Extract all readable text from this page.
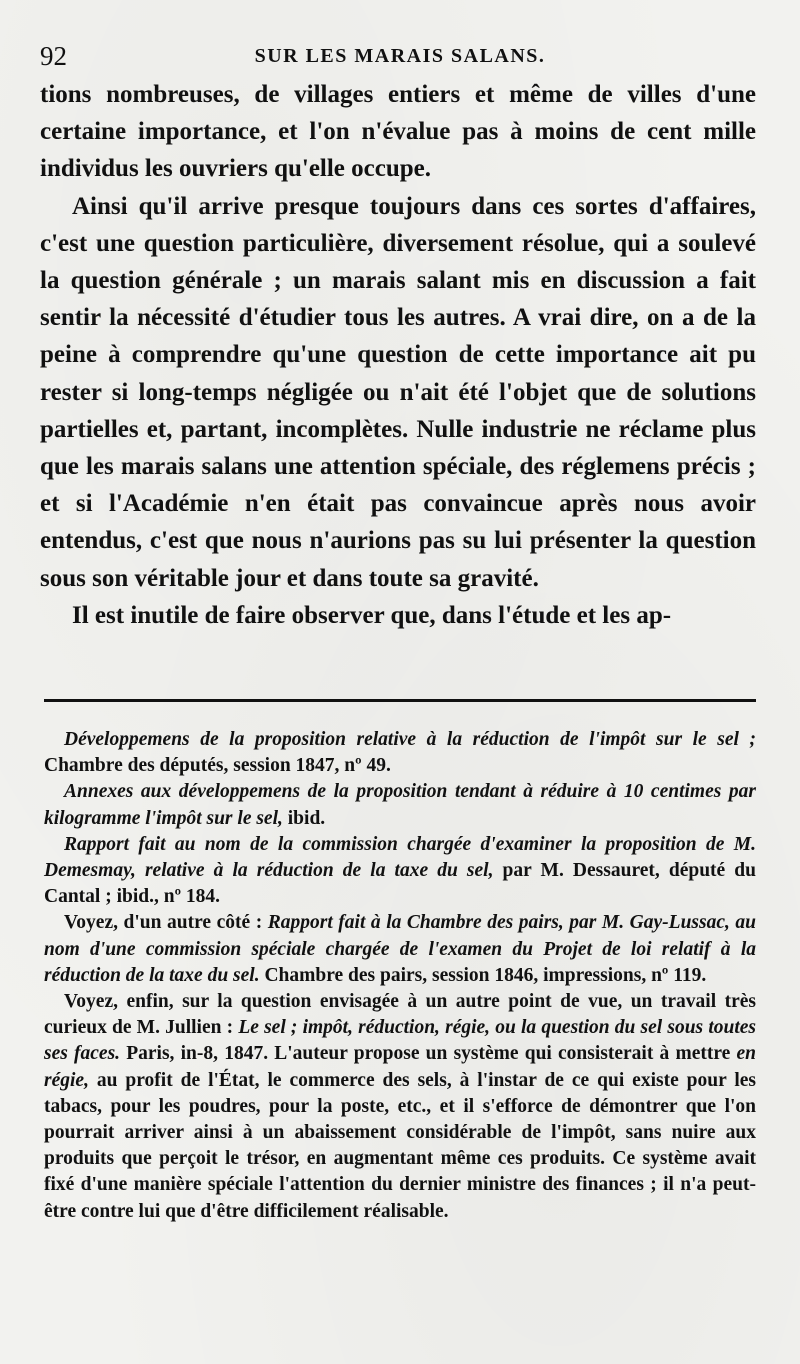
92	SUR LES MARAIS SALANS.

tions nombreuses, de villages entiers et même de villes d'une certaine importance, et l'on n'évalue pas à moins de cent mille individus les ouvriers qu'elle occupe.

Ainsi qu'il arrive presque toujours dans ces sortes d'affaires, c'est une question particulière, diversement résolue, qui a soulevé la question générale ; un marais salant mis en discussion a fait sentir la nécessité d'étudier tous les autres. A vrai dire, on a de la peine à comprendre qu'une question de cette importance ait pu rester si long-temps négligée ou n'ait été l'objet que de solutions partielles et, partant, incomplètes. Nulle industrie ne réclame plus que les marais salans une attention spéciale, des réglemens précis ; et si l'Académie n'en était pas convaincue après nous avoir entendus, c'est que nous n'aurions pas su lui présenter la question sous son véritable jour et dans toute sa gravité.

Il est inutile de faire observer que, dans l'étude et les ap-

Développemens de la proposition relative à la réduction de l'impôt sur le sel ; Chambre des députés, session 1847, nº 49.

Annexes aux développemens de la proposition tendant à réduire à 10 centimes par kilogramme l'impôt sur le sel, ibid.

Rapport fait au nom de la commission chargée d'examiner la proposition de M. Demesmay, relative à la réduction de la taxe du sel, par M. Dessauret, député du Cantal ; ibid., nº 184.

Voyez, d'un autre côté : Rapport fait à la Chambre des pairs, par M. Gay-Lussac, au nom d'une commission spéciale chargée de l'examen du Projet de loi relatif à la réduction de la taxe du sel. Chambre des pairs, session 1846, impressions, nº 119.

Voyez, enfin, sur la question envisagée à un autre point de vue, un travail très curieux de M. Jullien : Le sel ; impôt, réduction, régie, ou la question du sel sous toutes ses faces. Paris, in-8, 1847. L'auteur propose un système qui consisterait à mettre en régie, au profit de l'État, le commerce des sels, à l'instar de ce qui existe pour les tabacs, pour les poudres, pour la poste, etc., et il s'efforce de démontrer que l'on pourrait arriver ainsi à un abaissement considérable de l'impôt, sans nuire aux produits que perçoit le trésor, en augmentant même ces produits. Ce système avait fixé d'une manière spéciale l'attention du dernier ministre des finances ; il n'a peut-être contre lui que d'être difficilement réalisable.
